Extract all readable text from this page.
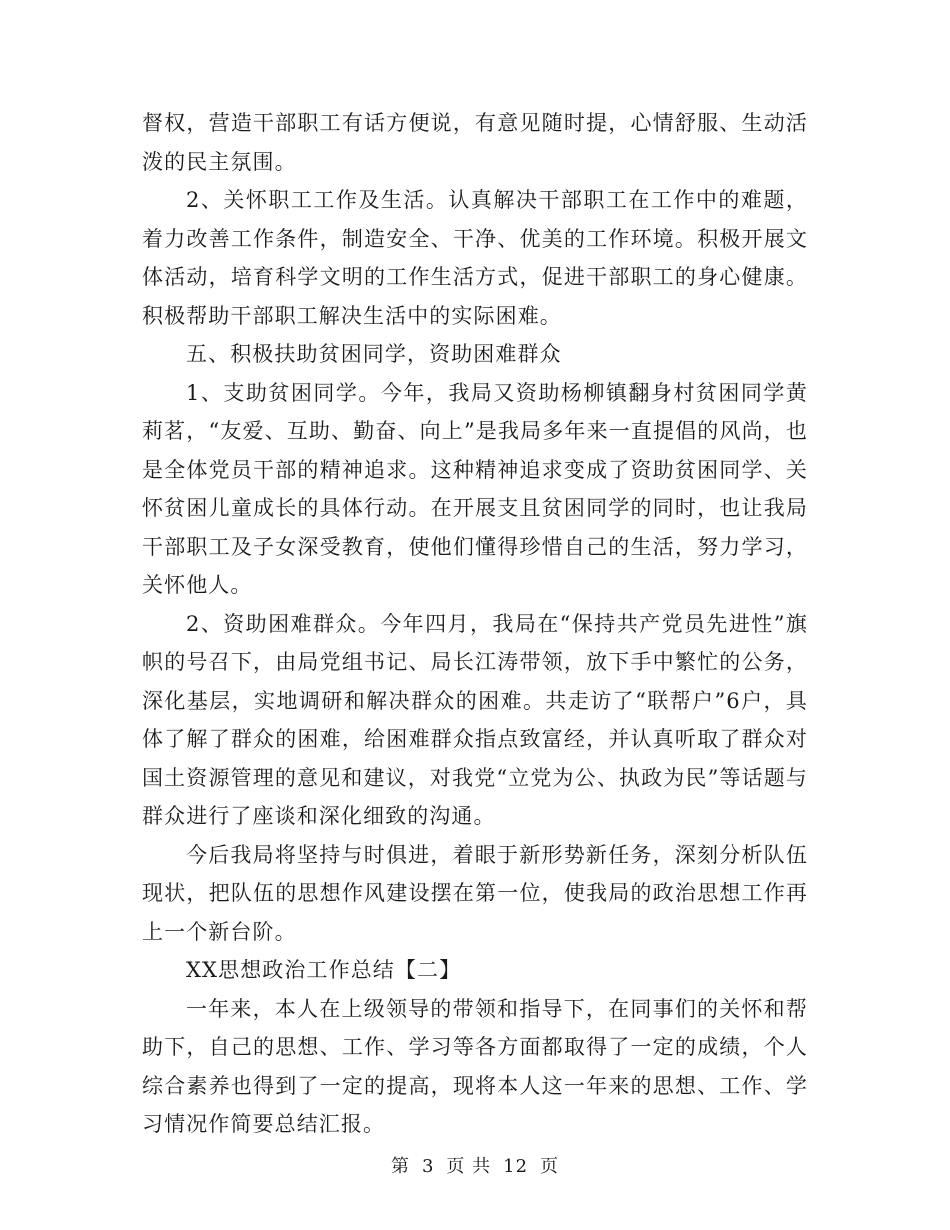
督权，营造干部职工有话方便说，有意见随时提，心情舒服、生动活泼的民主氛围。

2、关怀职工工作及生活。认真解决干部职工在工作中的难题，着力改善工作条件，制造安全、干净、优美的工作环境。积极开展文体活动，培育科学文明的工作生活方式，促进干部职工的身心健康。积极帮助干部职工解决生活中的实际困难。

五、积极扶助贫困同学，资助困难群众

1、支助贫困同学。今年，我局又资助杨柳镇翻身村贫困同学黄莉茗，“友爱、互助、勤奋、向上”是我局多年来一直提倡的风尚，也是全体党员干部的精神追求。这种精神追求变成了资助贫困同学、关怀贫困儿童成长的具体行动。在开展支且贫困同学的同时，也让我局干部职工及子女深受教育，使他们懂得珍惜自己的生活，努力学习，关怀他人。

2、资助困难群众。今年四月，我局在“保持共产党员先进性”旗帜的号召下，由局党组书记、局长江涛带领，放下手中繁忙的公务，深化基层，实地调研和解决群众的困难。共走访了“联帮户”6户，具体了解了群众的困难，给困难群众指点致富经，并认真听取了群众对国土资源管理的意见和建议，对我党“立党为公、执政为民”等话题与群众进行了座谈和深化细致的沟通。

今后我局将坚持与时俱进，着眼于新形势新任务，深刻分析队伍现状，把队伍的思想作风建设摆在第一位，使我局的政治思想工作再上一个新台阶。

XX思想政治工作总结【二】

一年来，本人在上级领导的带领和指导下，在同事们的关怀和帮助下，自己的思想、工作、学习等各方面都取得了一定的成绩，个人综合素养也得到了一定的提高，现将本人这一年来的思想、工作、学习情况作简要总结汇报。

第 3 页 共 12 页
